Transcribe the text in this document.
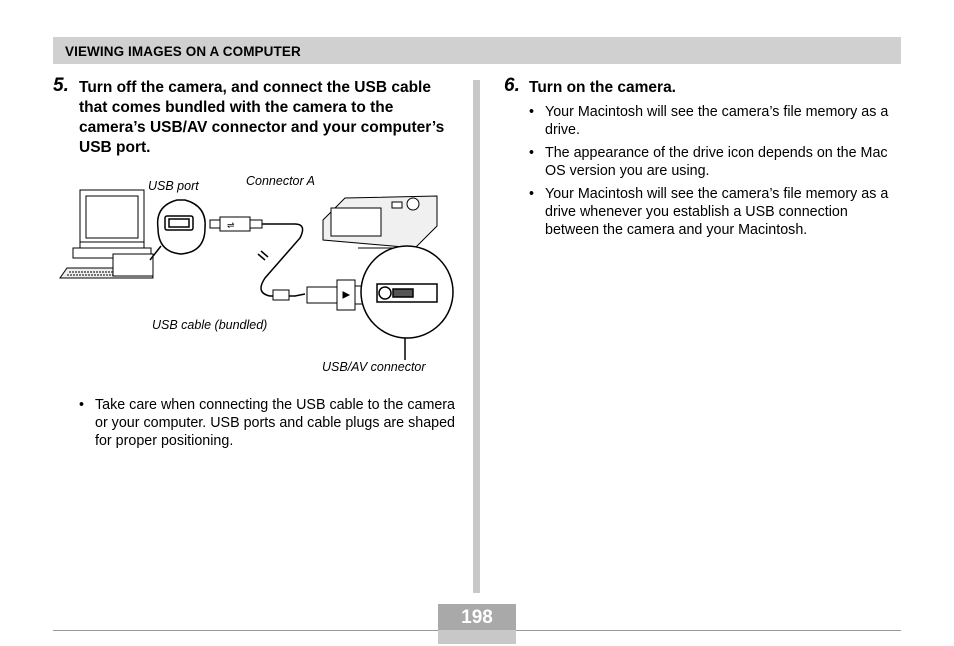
VIEWING IMAGES ON A COMPUTER
5. Turn off the camera, and connect the USB cable that comes bundled with the camera to the camera’s USB/AV connector and your computer’s USB port.
⇌
USB port	Connector A
USB cable (bundled)
USB/AV connector
• Take care when connecting the USB cable to the camera or your computer. USB ports and cable plugs are shaped for proper positioning.
6. Turn on the camera.
• Your Macintosh will see the camera’s file memory as a drive.
• The appearance of the drive icon depends on the Mac OS version you are using.
• Your Macintosh will see the camera’s file memory as a drive whenever you establish a USB connection between the camera and your Macintosh.
198
